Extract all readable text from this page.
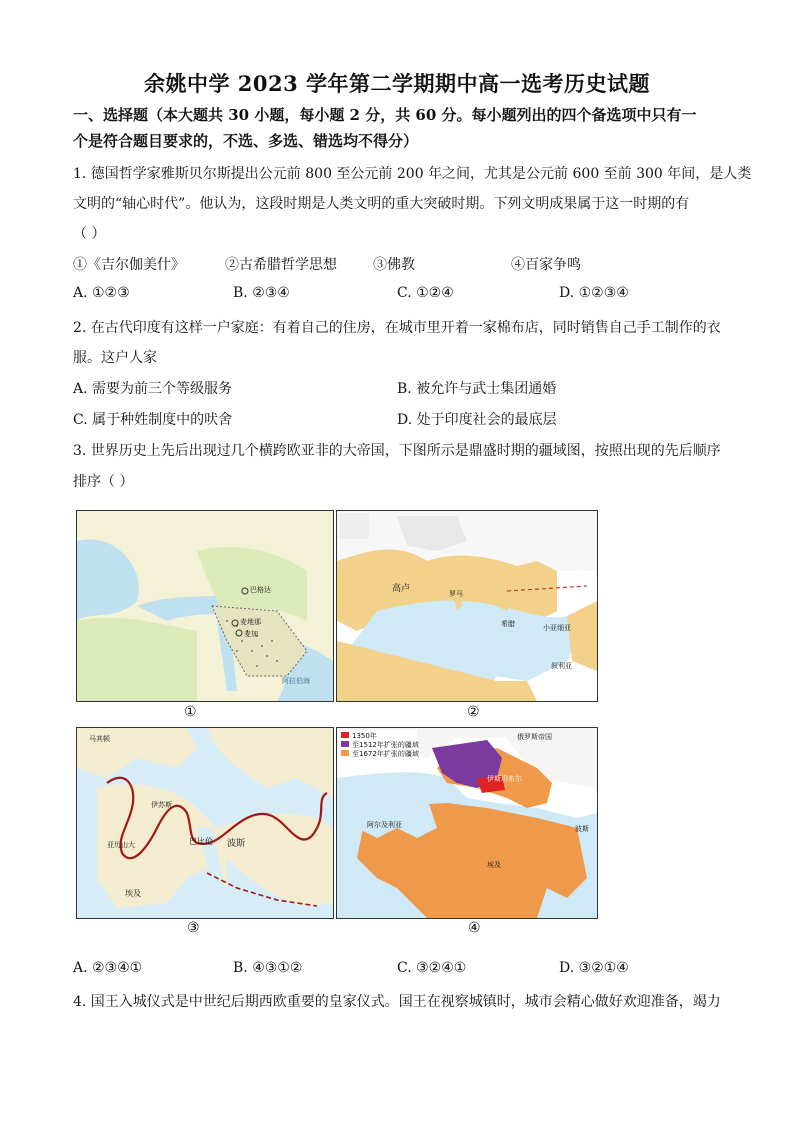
余姚中学 2023 学年第二学期期中高一选考历史试题
一、选择题（本大题共 30 小题，每小题 2 分，共 60 分。每小题列出的四个备选项中只有一
个是符合题目要求的，不选、多选、错选均不得分）
1. 德国哲学家雅斯贝尔斯提出公元前 800 至公元前 200 年之间，尤其是公元前 600 至前 300 年间，是人类
文明的“轴心时代”。他认为，这段时期是人类文明的重大突破时期。下列文明成果属于这一时期的有
（ ）
①《吉尔伽美什》	②古希腊哲学思想	③佛教	④百家争鸣
A. ①②③	B. ②③④	C. ①②④	D. ①②③④
2. 在古代印度有这样一户家庭：有着自己的住房，在城市里开着一家棉布店，同时销售自己手工制作的衣
服。这户人家
A. 需要为前三个等级服务	B. 被允许与武士集团通婚
C. 属于种姓制度中的吠舍	D. 处于印度社会的最底层
3. 世界历史上先后出现过几个横跨欧亚非的大帝国，下图所示是鼎盛时期的疆域图，按照出现的先后顺序
排序（ ）
巴格达
麦地那
麦加
阿拉伯海
①
高卢	罗马
小亚细亚
叙利亚
希腊
②
马其顿
伊苏斯
巴比伦
亚历山大
埃及
波斯
③
1350年
至1512年扩张的疆域
至1672年扩张的疆域
俄罗斯帝国
伊斯坦布尔
阿尔及利亚
埃及
波斯
④
A. ②③④①	B. ④③①②	C. ③②④①	D. ③②①④
4. 国王入城仪式是中世纪后期西欧重要的皇家仪式。国王在视察城镇时，城市会精心做好欢迎准备，竭力
